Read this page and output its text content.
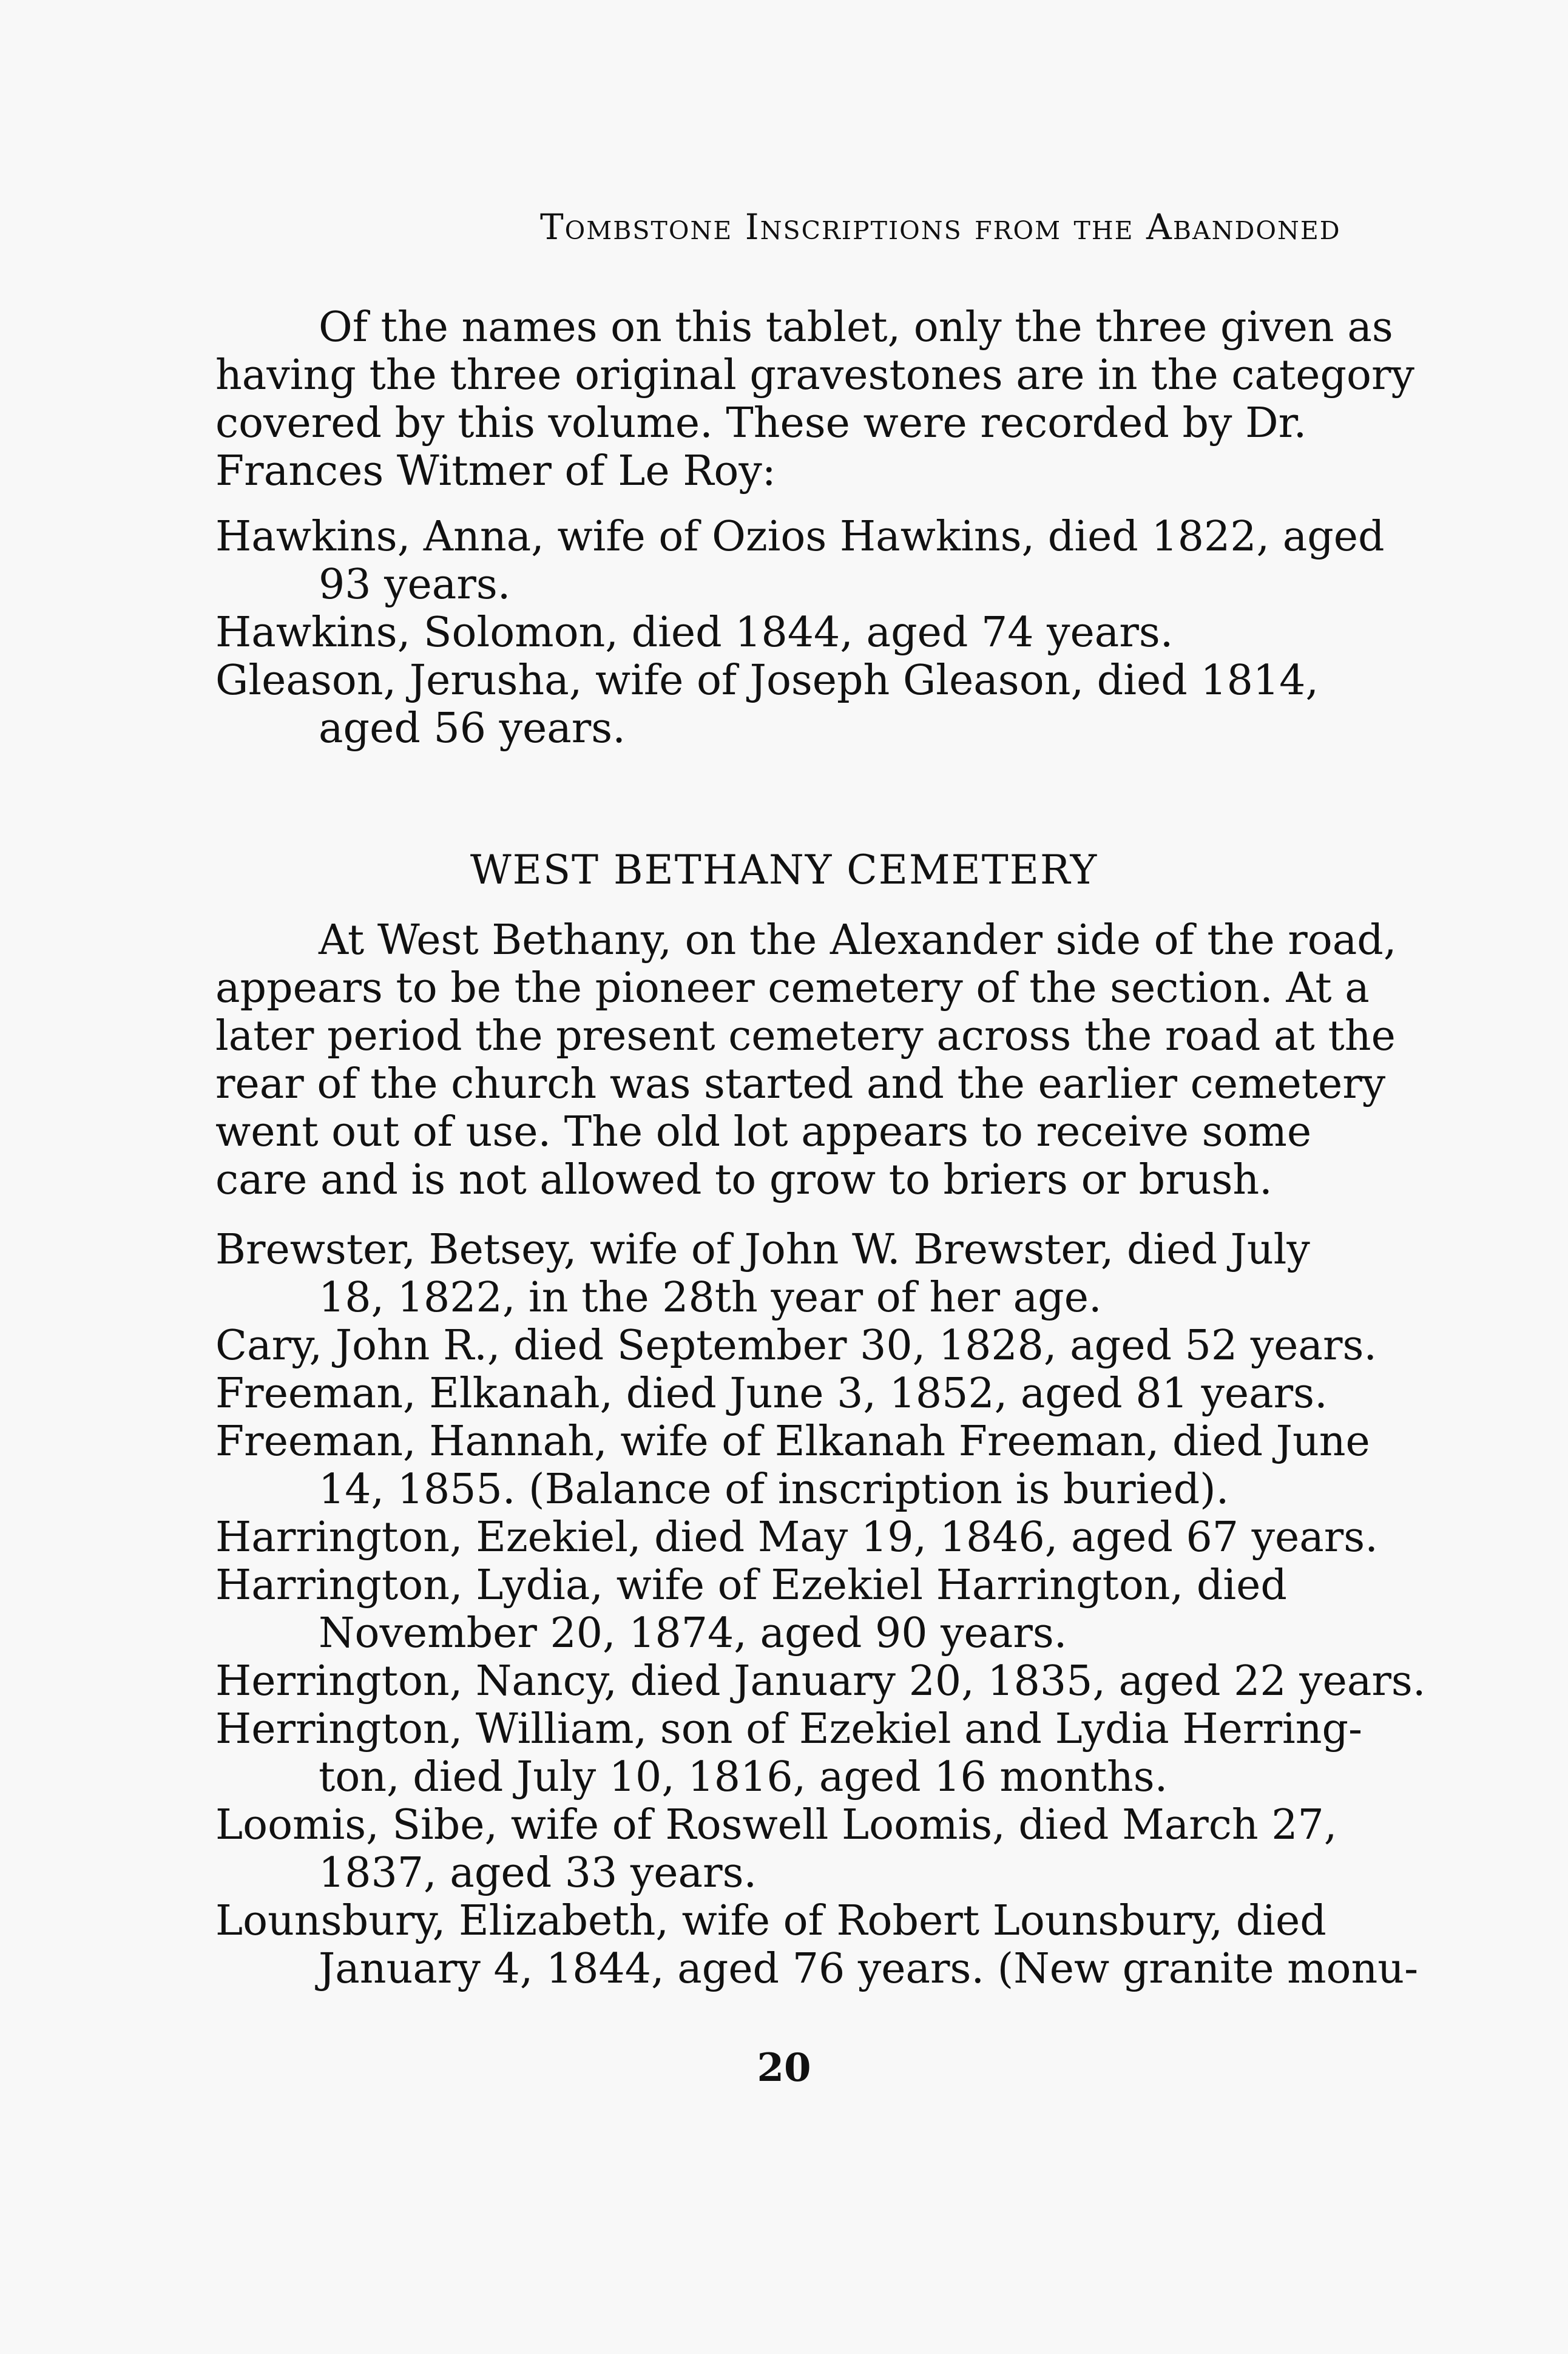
Tombstone Inscriptions from the Abandoned
Of the names on this tablet, only the three given as
having the three original gravestones are in the category
covered by this volume. These were recorded by Dr.
Frances Witmer of Le Roy:
Hawkins, Anna, wife of Ozios Hawkins, died 1822, aged
93 years.
Hawkins, Solomon, died 1844, aged 74 years.
Gleason, Jerusha, wife of Joseph Gleason, died 1814,
aged 56 years.
WEST BETHANY CEMETERY
At West Bethany, on the Alexander side of the road,
appears to be the pioneer cemetery of the section. At a
later period the present cemetery across the road at the
rear of the church was started and the earlier cemetery
went out of use. The old lot appears to receive some
care and is not allowed to grow to briers or brush.
Brewster, Betsey, wife of John W. Brewster, died July
18, 1822, in the 28th year of her age.
Cary, John R., died September 30, 1828, aged 52 years.
Freeman, Elkanah, died June 3, 1852, aged 81 years.
Freeman, Hannah, wife of Elkanah Freeman, died June
14, 1855. (Balance of inscription is buried).
Harrington, Ezekiel, died May 19, 1846, aged 67 years.
Harrington, Lydia, wife of Ezekiel Harrington, died
November 20, 1874, aged 90 years.
Herrington, Nancy, died January 20, 1835, aged 22 years.
Herrington, William, son of Ezekiel and Lydia Herring-
ton, died July 10, 1816, aged 16 months.
Loomis, Sibe, wife of Roswell Loomis, died March 27,
1837, aged 33 years.
Lounsbury, Elizabeth, wife of Robert Lounsbury, died
January 4, 1844, aged 76 years. (New granite monu-
20
